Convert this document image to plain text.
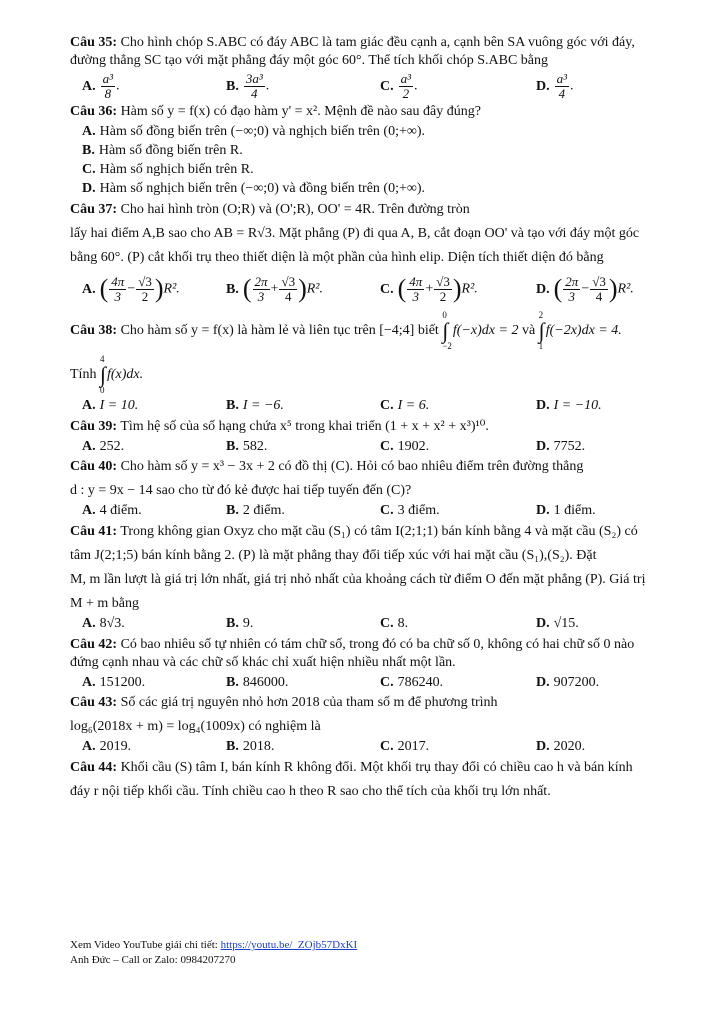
Câu 35: Cho hình chóp S.ABC có đáy ABC là tam giác đều cạnh a, cạnh bên SA vuông góc với đáy,
đường thẳng SC tạo với mặt phẳng đáy một góc 60°. Thể tích khối chóp S.ABC bằng
A. $\frac{\text{a³}}{8}$ .	B. $\frac{\text{3a³}}{4}$ .	C. $\frac{\text{a³}}{2}$ .	D. $\frac{\text{a³}}{4}$ .
Câu 36: Hàm số y = f(x) có đạo hàm y' = x². Mệnh đề nào sau đây đúng?
A. Hàm số đồng biến trên (−∞;0) và nghịch biến trên (0;+∞).
B. Hàm số đồng biến trên R.
C. Hàm số nghịch biến trên R.
D. Hàm số nghịch biến trên (−∞;0) và đồng biến trên (0;+∞).
Câu 37: Cho hai hình tròn (O;R) và (O';R), OO' = 4R. Trên đường tròn
lấy hai điểm A,B sao cho AB = R√3. Mặt phẳng (P) đi qua A, B, cắt đoạn OO' và tạo với đáy một góc
bằng 60°. (P) cắt khối trụ theo thiết diện là một phần của hình elip. Diện tích thiết diện đó bằng
A. ( $\frac{4\pi}{3} - \frac{√3}{2} )R^2$.	B. ( $\frac{2\pi}{3} + \frac{√3}{4} )R^2$.	C. ( $\frac{4\pi}{3} + \frac{√3}{2} )R^2$.	D. ( $\frac{2\pi}{3} - \frac{√3}{4} )R^2$.
Câu 38: Cho hàm số y = f(x) là hàm lẻ và liên tục trên [−4;4] biết
0
∫
−2
f(−x)dx = 2 và
2
∫
1
f(−2x)dx = 4.
Tính
4
∫
0
f(x)dx.
A. I = 10.	B. I = −6.	C. I = 6.	D. I = −10.
Câu 39: Tìm hệ số của số hạng chứa x⁵ trong khai triển (1 + x + x² + x³)¹⁰.
A. 252.	B. 582.	C. 1902.	D. 7752.
Câu 40: Cho hàm số y = x³ − 3x + 2 có đồ thị (C). Hỏi có bao nhiêu điểm trên đường thẳng
d : y = 9x − 14 sao cho từ đó kẻ được hai tiếp tuyến đến (C)?
A. 4 điểm.	B. 2 điểm.	C. 3 điểm.	D. 1 điểm.
Câu 41: Trong không gian Oxyz cho mặt cầu (S₁) có tâm I(2;1;1) bán kính bằng 4 và mặt cầu (S₂) có
tâm J(2;1;5) bán kính bằng 2. (P) là mặt phẳng thay đổi tiếp xúc với hai mặt cầu (S₁),(S₂). Đặt
M, m lần lượt là giá trị lớn nhất, giá trị nhỏ nhất của khoảng cách từ điểm O đến mặt phẳng (P). Giá trị
M + m bằng
A. 8√3.	B. 9.	C. 8.	D. √15.
Câu 42: Có bao nhiêu số tự nhiên có tám chữ số, trong đó có ba chữ số 0, không có hai chữ số 0 nào
đứng cạnh nhau và các chữ số khác chỉ xuất hiện nhiều nhất một lần.
A. 151200.	B. 846000.	C. 786240.	D. 907200.
Câu 43: Số các giá trị nguyên nhỏ hơn 2018 của tham số m để phương trình
log₆(2018x + m) = log₄(1009x) có nghiệm là
A. 2019.	B. 2018.	C. 2017.	D. 2020.
Câu 44: Khối cầu (S) tâm I, bán kính R không đổi. Một khối trụ thay đổi có chiều cao h và bán kính
đáy r nội tiếp khối cầu. Tính chiều cao h theo R sao cho thể tích của khối trụ lớn nhất.
Xem Video YouTube giải chi tiết: https://youtu.be/_ZOjb57DxKI
Anh Đức – Call or Zalo: 0984207270
